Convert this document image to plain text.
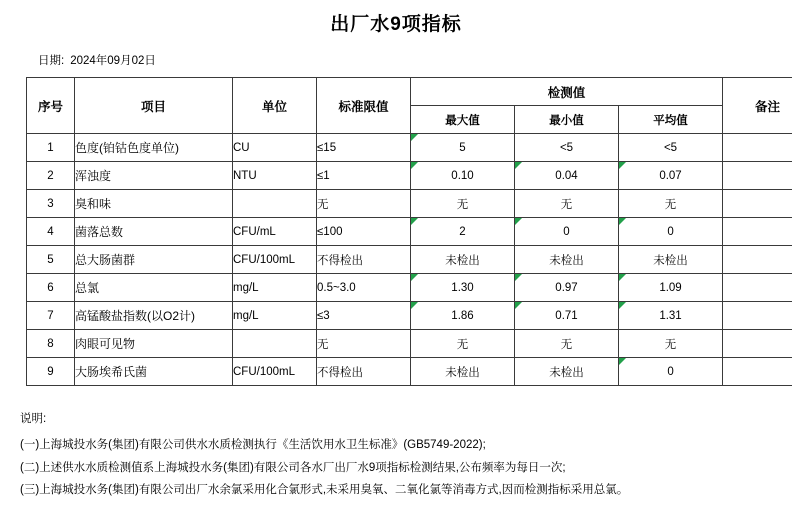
出厂水9项指标
日期: 2024年09月02日
序号	项目	单位	标准限值	检测值			备注
				最大值	最小值	平均值	
1	色度(铂钴色度单位)	CU	≤15	5	<5	<5	
2	浑浊度	NTU	≤1	0.10	0.04	0.07	
3	臭和味		无	无	无	无	
4	菌落总数	CFU/mL	≤100	2	0	0	
5	总大肠菌群	CFU/100mL	不得检出	未检出	未检出	未检出	
6	总氯	mg/L	0.5~3.0	1.30	0.97	1.09	
7	高锰酸盐指数(以O2计)	mg/L	≤3	1.86	0.71	1.31	
8	肉眼可见物		无	无	无	无	
9	大肠埃希氏菌	CFU/100mL	不得检出	未检出	未检出	0	
说明:
(一)上海城投水务(集团)有限公司供水水质检测执行《生活饮用水卫生标准》(GB5749-2022);
(二)上述供水水质检测值系上海城投水务(集团)有限公司各水厂出厂水9项指标检测结果,公布频率为每日一次;
(三)上海城投水务(集团)有限公司出厂水余氯采用化合氯形式,未采用臭氧、二氧化氯等消毒方式,因而检测指标采用总氯。
